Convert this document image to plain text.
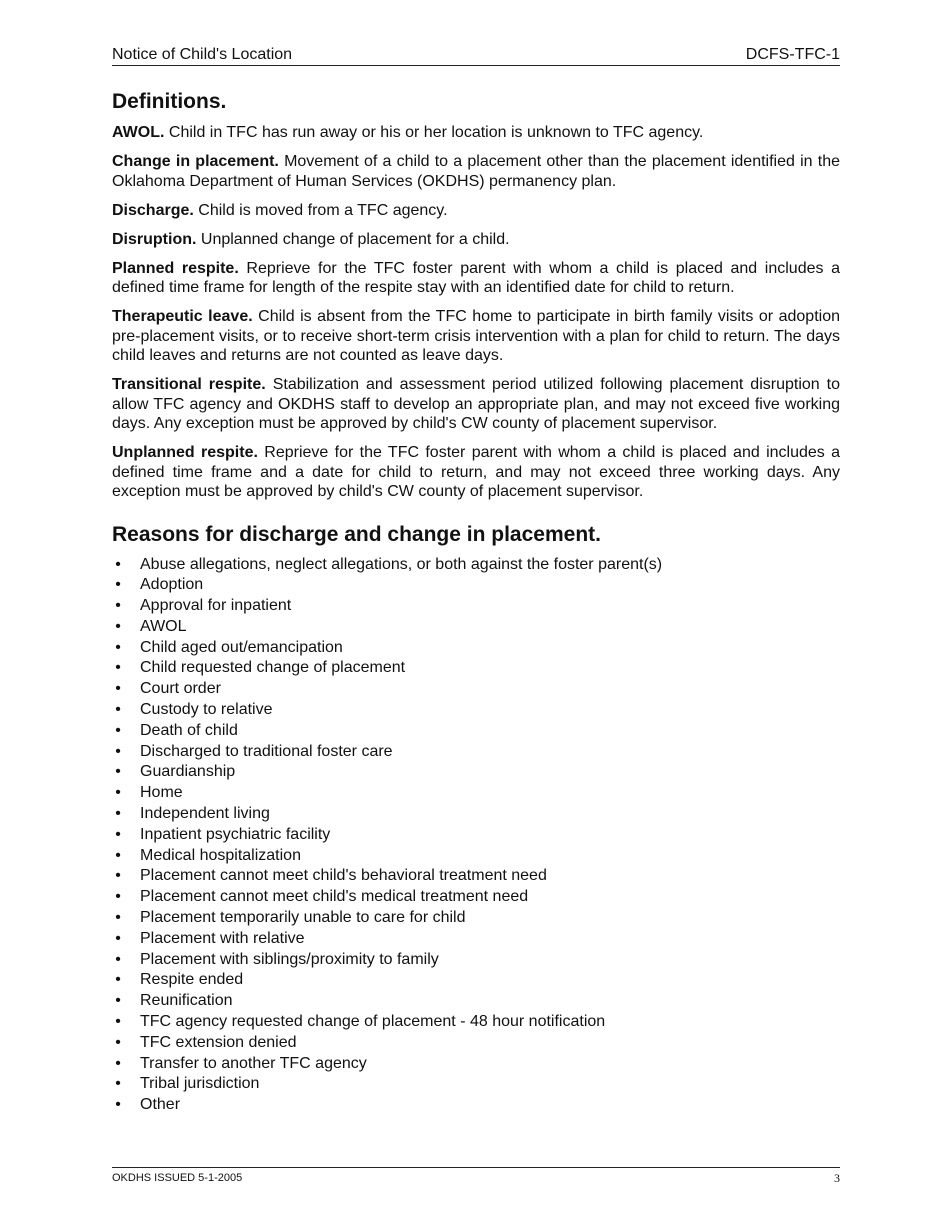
Notice of Child's Location	DCFS-TFC-1
Definitions.

AWOL. Child in TFC has run away or his or her location is unknown to TFC agency.

Change in placement. Movement of a child to a placement other than the placement identified in the Oklahoma Department of Human Services (OKDHS) permanency plan.

Discharge. Child is moved from a TFC agency.

Disruption. Unplanned change of placement for a child.

Planned respite. Reprieve for the TFC foster parent with whom a child is placed and includes a defined time frame for length of the respite stay with an identified date for child to return.

Therapeutic leave. Child is absent from the TFC home to participate in birth family visits or adoption pre-placement visits, or to receive short-term crisis intervention with a plan for child to return. The days child leaves and returns are not counted as leave days.

Transitional respite. Stabilization and assessment period utilized following placement disruption to allow TFC agency and OKDHS staff to develop an appropriate plan, and may not exceed five working days. Any exception must be approved by child's CW county of placement supervisor.

Unplanned respite. Reprieve for the TFC foster parent with whom a child is placed and includes a defined time frame and a date for child to return, and may not exceed three working days. Any exception must be approved by child's CW county of placement supervisor.

Reasons for discharge and change in placement.
• Abuse allegations, neglect allegations, or both against the foster parent(s)
• Adoption
• Approval for inpatient
• AWOL
• Child aged out/emancipation
• Child requested change of placement
• Court order
• Custody to relative
• Death of child
• Discharged to traditional foster care
• Guardianship
• Home
• Independent living
• Inpatient psychiatric facility
• Medical hospitalization
• Placement cannot meet child's behavioral treatment need
• Placement cannot meet child's medical treatment need
• Placement temporarily unable to care for child
• Placement with relative
• Placement with siblings/proximity to family
• Respite ended
• Reunification
• TFC agency requested change of placement - 48 hour notification
• TFC extension denied
• Transfer to another TFC agency
• Tribal jurisdiction
• Other
OKDHS ISSUED 5-1-2005	3
